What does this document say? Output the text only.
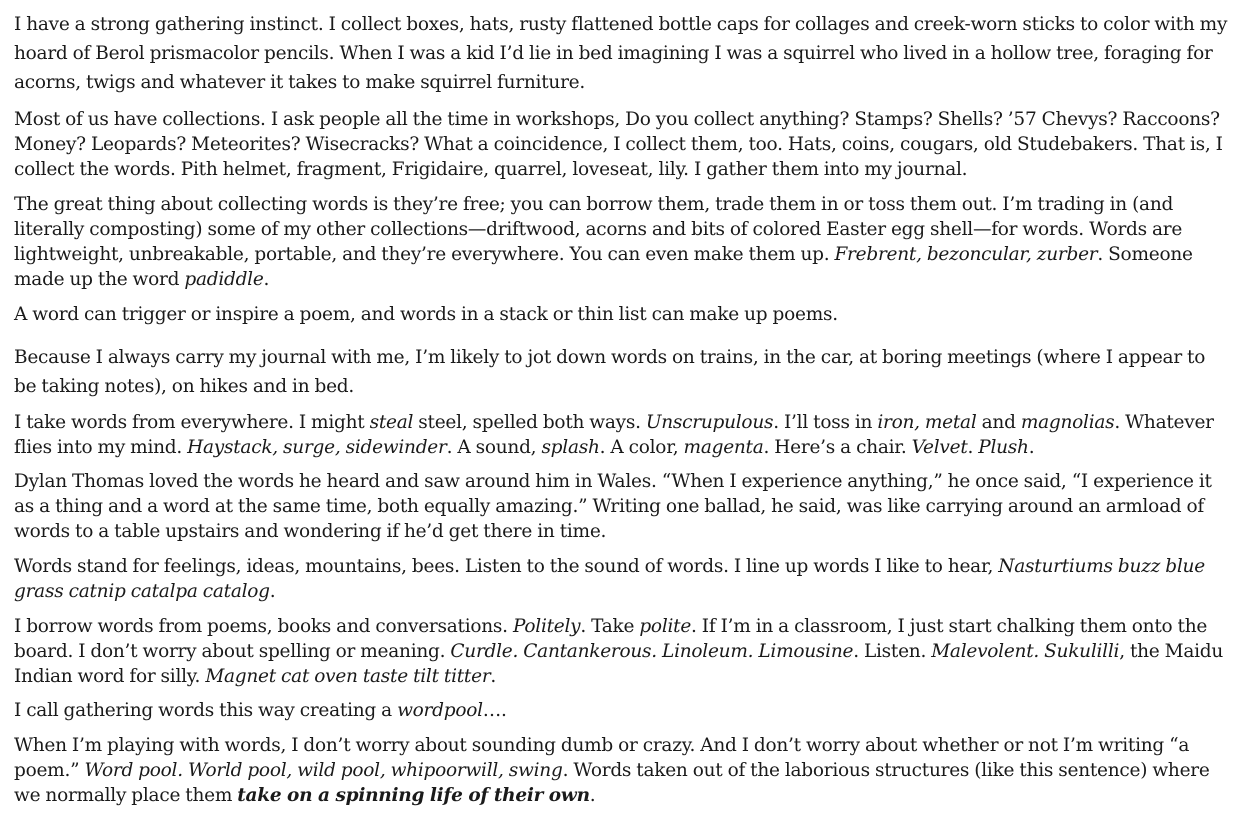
I have a strong gathering instinct. I collect boxes, hats, rusty flattened bottle caps for collages and creek-worn sticks to color with my hoard of Berol prismacolor pencils. When I was a kid I’d lie in bed imagining I was a squirrel who lived in a hollow tree, foraging for acorns, twigs and whatever it takes to make squirrel furniture.

Most of us have collections. I ask people all the time in workshops, Do you collect anything? Stamps? Shells? ’57 Chevys? Raccoons? Money? Leopards? Meteorites? Wisecracks? What a coincidence, I collect them, too. Hats, coins, cougars, old Studebakers. That is, I collect the words. Pith helmet, fragment, Frigidaire, quarrel, loveseat, lily. I gather them into my journal.

The great thing about collecting words is they’re free; you can borrow them, trade them in or toss them out. I’m trading in (and literally composting) some of my other collections—driftwood, acorns and bits of colored Easter egg shell—for words. Words are lightweight, unbreakable, portable, and they’re everywhere. You can even make them up. Frebrent, bezoncular, zurber. Someone made up the word padiddle.

A word can trigger or inspire a poem, and words in a stack or thin list can make up poems.

Because I always carry my journal with me, I’m likely to jot down words on trains, in the car, at boring meetings (where I appear to be taking notes), on hikes and in bed.

I take words from everywhere. I might steal steel, spelled both ways. Unscrupulous. I’ll toss in iron, metal and magnolias. Whatever flies into my mind. Haystack, surge, sidewinder. A sound, splash. A color, magenta. Here’s a chair. Velvet. Plush.

Dylan Thomas loved the words he heard and saw around him in Wales. “When I experience anything,” he once said, “I experience it as a thing and a word at the same time, both equally amazing.” Writing one ballad, he said, was like carrying around an armload of words to a table upstairs and wondering if he’d get there in time.

Words stand for feelings, ideas, mountains, bees. Listen to the sound of words. I line up words I like to hear, Nasturtiums buzz blue grass catnip catalpa catalog.

I borrow words from poems, books and conversations. Politely. Take polite. If I’m in a classroom, I just start chalking them onto the board. I don’t worry about spelling or meaning. Curdle. Cantankerous. Linoleum. Limousine. Listen. Malevolent. Sukulilli, the Maidu Indian word for silly. Magnet cat oven taste tilt titter.

I call gathering words this way creating a wordpool….

When I’m playing with words, I don’t worry about sounding dumb or crazy. And I don’t worry about whether or not I’m writing “a poem.” Word pool. World pool, wild pool, whipoorwill, swing. Words taken out of the laborious structures (like this sentence) where we normally place them take on a spinning life of their own.
